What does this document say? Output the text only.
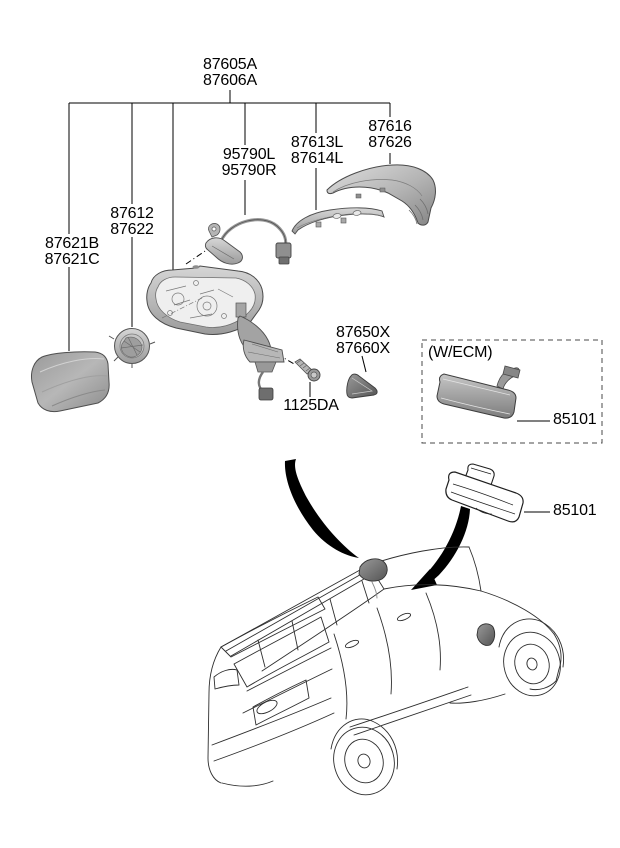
87605A
87606A
95790L
95790R
87613L
87614L
87616
87626
87612
87622
87621B
87621C
87650X
87660X
1125DA
(W/ECM)
85101
85101
